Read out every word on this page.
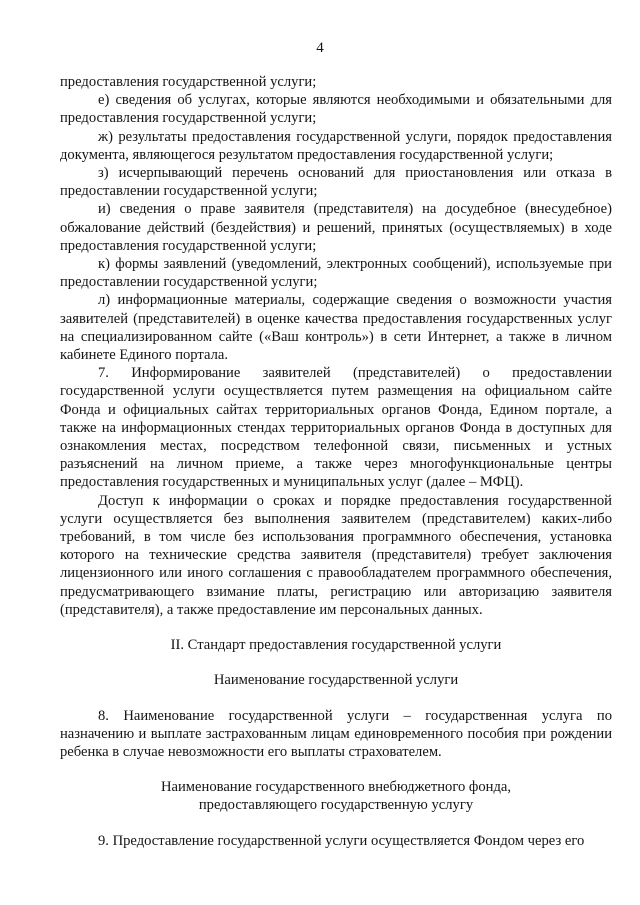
4

предоставления государственной услуги;

е) сведения об услугах, которые являются необходимыми и обязательными для предоставления государственной услуги;

ж) результаты предоставления государственной услуги, порядок предоставления документа, являющегося результатом предоставления государственной услуги;

з) исчерпывающий перечень оснований для приостановления или отказа в предоставлении государственной услуги;

и) сведения о праве заявителя (представителя) на досудебное (внесудебное) обжалование действий (бездействия) и решений, принятых (осуществляемых) в ходе предоставления государственной услуги;

к) формы заявлений (уведомлений, электронных сообщений), используемые при предоставлении государственной услуги;

л) информационные материалы, содержащие сведения о возможности участия заявителей (представителей) в оценке качества предоставления государственных услуг на специализированном сайте («Ваш контроль») в сети Интернет, а также в личном кабинете Единого портала.

7. Информирование заявителей (представителей) о предоставлении государственной услуги осуществляется путем размещения на официальном сайте Фонда и официальных сайтах территориальных органов Фонда, Едином портале, а также на информационных стендах территориальных органов Фонда в доступных для ознакомления местах, посредством телефонной связи, письменных и устных разъяснений на личном приеме, а также через многофункциональные центры предоставления государственных и муниципальных услуг (далее – МФЦ).

Доступ к информации о сроках и порядке предоставления государственной услуги осуществляется без выполнения заявителем (представителем) каких-либо требований, в том числе без использования программного обеспечения, установка которого на технические средства заявителя (представителя) требует заключения лицензионного или иного соглашения с правообладателем программного обеспечения, предусматривающего взимание платы, регистрацию или авторизацию заявителя (представителя), а также предоставление им персональных данных.

II. Стандарт предоставления государственной услуги
Наименование государственной услуги

8. Наименование государственной услуги – государственная услуга по назначению и выплате застрахованным лицам единовременного пособия при рождении ребенка в случае невозможности его выплаты страхователем.

Наименование государственного внебюджетного фонда,
предоставляющего государственную услугу

9. Предоставление государственной услуги осуществляется Фондом через его
